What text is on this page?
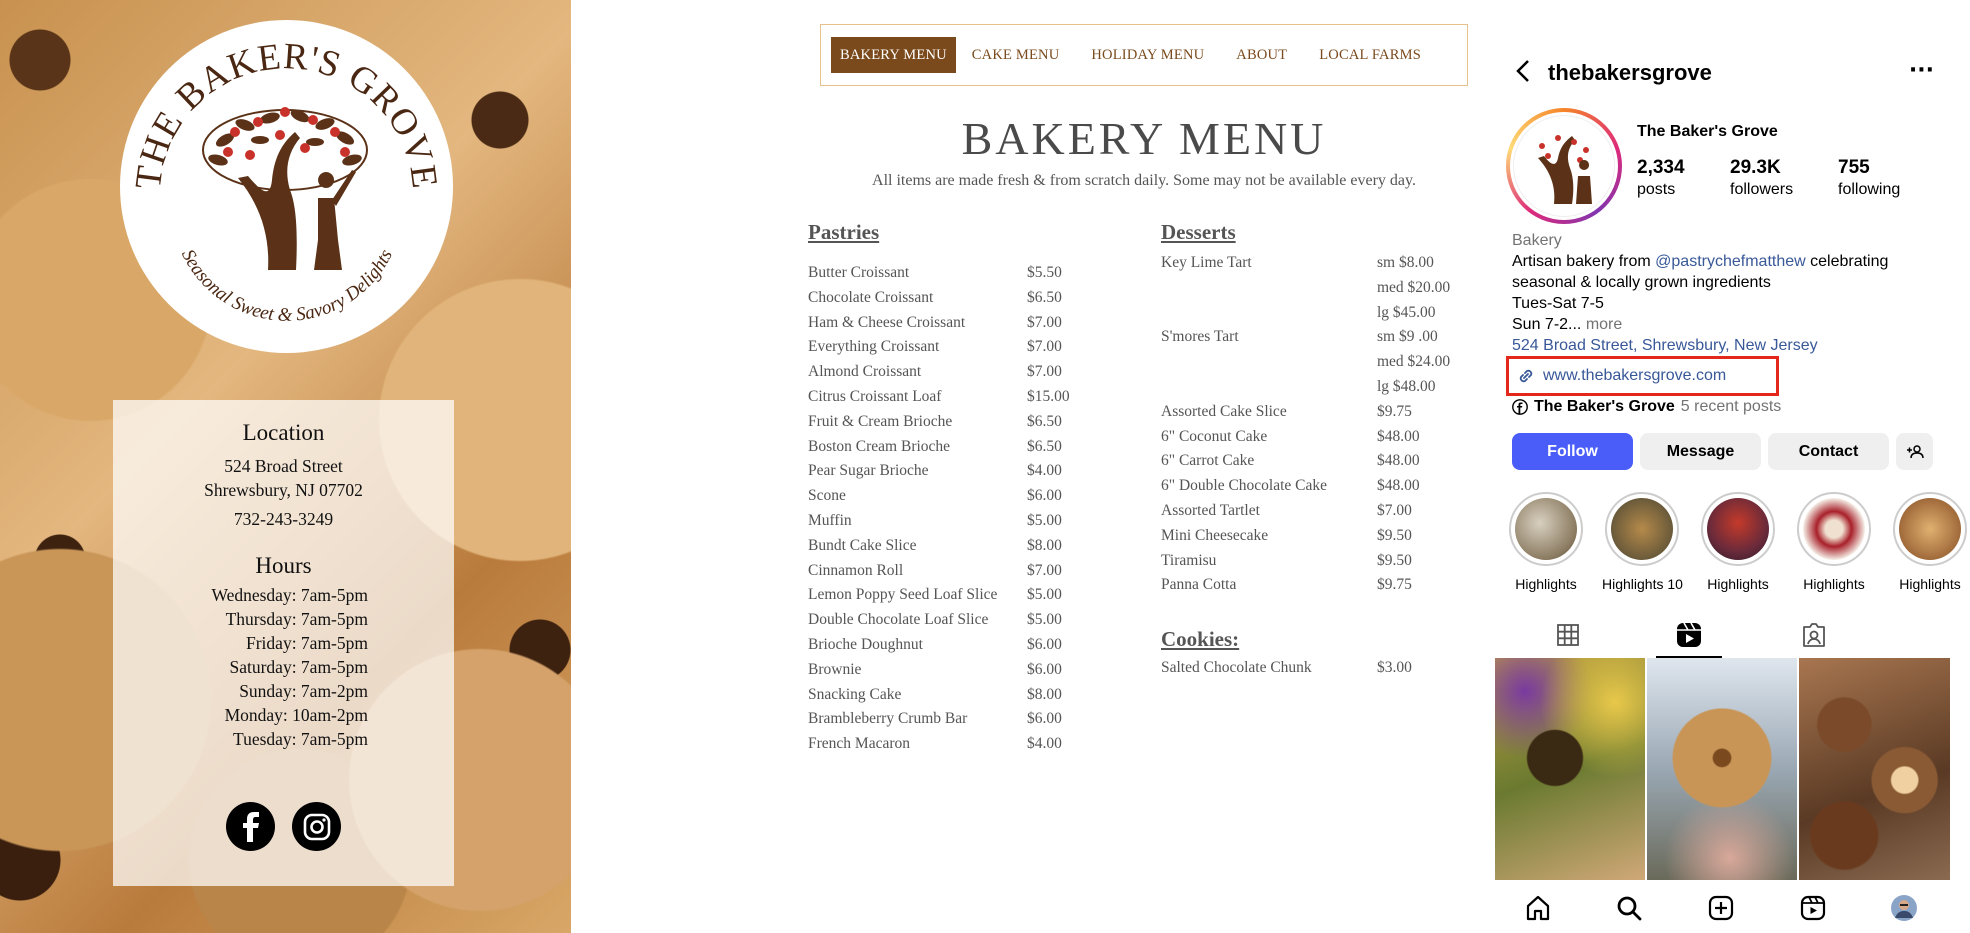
THE BAKER'S GROVE
Seasonal Sweet & Savory Delights
Location
524 Broad Street
Shrewsbury, NJ 07702
732-243-3249
Hours
Wednesday: 7am-5pm
Thursday: 7am-5pm
Friday: 7am-5pm
Saturday: 7am-5pm
Sunday: 7am-2pm
Monday: 10am-2pm
Tuesday: 7am-5pm
BAKERY MENU	CAKE MENU	HOLIDAY MENU	ABOUT	LOCAL FARMS
BAKERY MENU
All items are made fresh & from scratch daily. Some may not be available every day.
Pastries
Butter Croissant	$5.50
Chocolate Croissant	$6.50
Ham & Cheese Croissant	$7.00
Everything Croissant	$7.00
Almond Croissant	$7.00
Citrus Croissant Loaf	$15.00
Fruit & Cream Brioche	$6.50
Boston Cream Brioche	$6.50
Pear Sugar Brioche	$4.00
Scone	$6.00
Muffin	$5.00
Bundt Cake Slice	$8.00
Cinnamon Roll	$7.00
Lemon Poppy Seed Loaf Slice	$5.00
Double Chocolate Loaf Slice	$5.00
Brioche Doughnut	$6.00
Brownie	$6.00
Snacking Cake	$8.00
Brambleberry Crumb Bar	$6.00
French Macaron	$4.00
Desserts
Key Lime Tart	sm $8.00
med $20.00
lg $45.00
S'mores Tart	sm $9 .00
med $24.00
lg $48.00
Assorted Cake Slice	$9.75
6" Coconut Cake	$48.00
6" Carrot Cake	$48.00
6" Double Chocolate Cake	$48.00
Assorted Tartlet	$7.00
Mini Cheesecake	$9.50
Tiramisu	$9.50
Panna Cotta	$9.75
Cookies:
Salted Chocolate Chunk	$3.00
thebakersgrove	···
The Baker's Grove
2,334
posts
29.3K
followers
755
following
Bakery
Artisan bakery from @pastrychefmatthew celebrating
seasonal & locally grown ingredients
Tues-Sat 7-5
Sun 7-2... more
524 Broad Street, Shrewsbury, New Jersey
www.thebakersgrove.com
The Baker's Grove 5 recent posts
Follow	Message	Contact
Highlights	Highlights 10	Highlights	Highlights	Highlights
